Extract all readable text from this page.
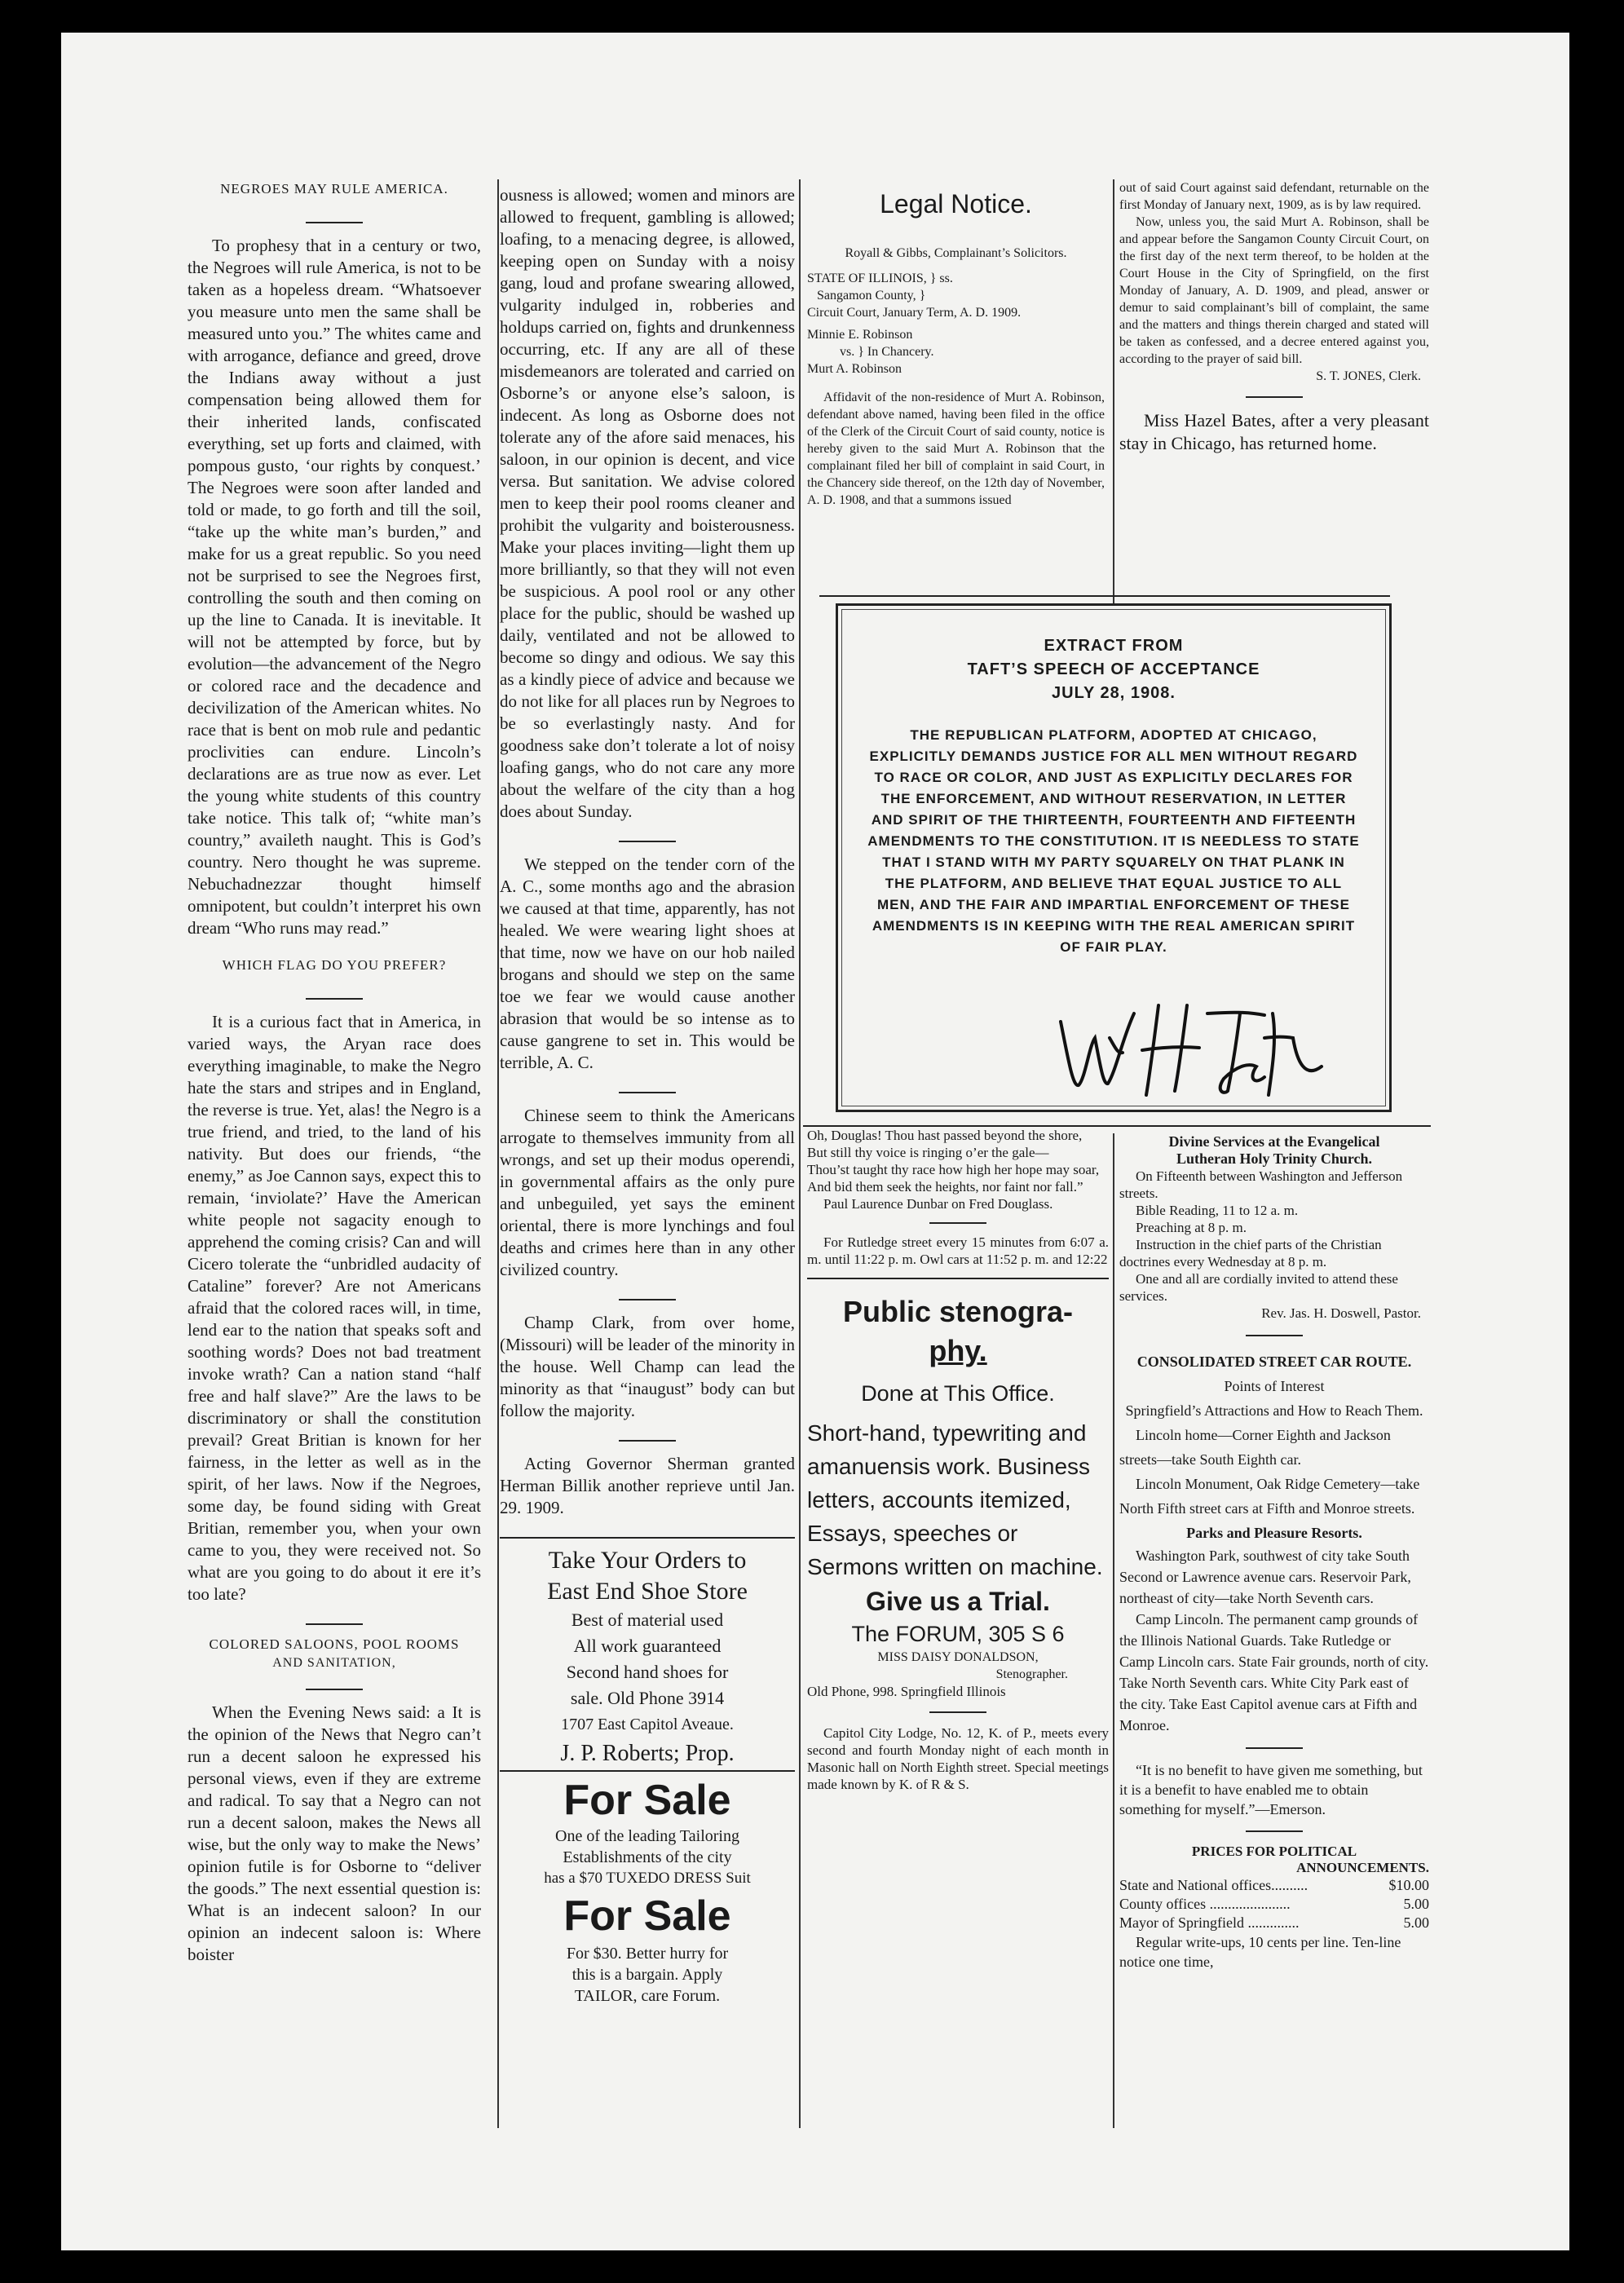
NEGROES MAY RULE AMERICA.
To prophesy that in a century or two, the Negroes will rule America, is not to be taken as a hopeless dream. “Whatsoever you measure unto men the same shall be measured unto you.” The whites came and with arrogance, defiance and greed, drove the Indians away without a just compensation being allowed them for their inherited lands, confiscated everything, set up forts and claimed, with pompous gusto, ‘our rights by conquest.’ The Negroes were soon after landed and told or made, to go forth and till the soil, “take up the white man’s burden,” and make for us a great republic. So you need not be surprised to see the Negroes first, controlling the south and then coming on up the line to Canada. It is inevitable. It will not be attempted by force, but by evolution—the advancement of the Negro or colored race and the decadence and decivilization of the American whites. No race that is bent on mob rule and pedantic proclivities can endure. Lincoln’s declarations are as true now as ever. Let the young white students of this country take notice. This talk of; “white man’s country,” availeth naught. This is God’s country. Nero thought he was supreme. Nebuchadnezzar thought himself omnipotent, but couldn’t interpret his own dream “Who runs may read.”
WHICH FLAG DO YOU PREFER?
It is a curious fact that in America, in varied ways, the Aryan race does everything imaginable, to make the Negro hate the stars and stripes and in England, the reverse is true. Yet, alas! the Negro is a true friend, and tried, to the land of his nativity. But does our friends, “the enemy,” as Joe Cannon says, expect this to remain, ‘inviolate?’ Have the American white people not sagacity enough to apprehend the coming crisis? Can and will Cicero tolerate the “unbridled audacity of Cataline” forever? Are not Americans afraid that the colored races will, in time, lend ear to the nation that speaks soft and soothing words? Does not bad treatment invoke wrath? Can a nation stand “half free and half slave?” Are the laws to be discriminatory or shall the constitution prevail? Great Britian is known for her fairness, in the letter as well as in the spirit, of her laws. Now if the Negroes, some day, be found siding with Great Britian, remember you, when your own came to you, they were received not. So what are you going to do about it ere it’s too late?
COLORED SALOONS, POOL ROOMS
AND SANITATION,
When the Evening News said: a It is the opinion of the News that Negro can’t run a decent saloon he expressed his personal views, even if they are extreme and radical. To say that a Negro can not run a decent saloon, makes the News all wise, but the only way to make the News’ opinion futile is for Osborne to “deliver the goods.” The next essential question is: What is an indecent saloon? In our opinion an indecent saloon is: Where boister
ousness is allowed; women and minors are allowed to frequent, gambling is allowed; loafing, to a menacing degree, is allowed, keeping open on Sunday with a noisy gang, loud and profane swearing allowed, vulgarity indulged in, robberies and holdups carried on, fights and drunkenness occurring, etc. If any are all of these misdemeanors are tolerated and carried on Osborne’s or anyone else’s saloon, is indecent. As long as Osborne does not tolerate any of the afore said menaces, his saloon, in our opinion is decent, and vice versa. But sanitation. We advise colored men to keep their pool rooms cleaner and prohibit the vulgarity and boisterousness. Make your places inviting—light them up more brilliantly, so that they will not even be suspicious. A pool rool or any other place for the public, should be washed up daily, ventilated and not be allowed to become so dingy and odious. We say this as a kindly piece of advice and because we do not like for all places run by Negroes to be so everlastingly nasty. And for goodness sake don’t tolerate a lot of noisy loafing gangs, who do not care any more about the welfare of the city than a hog does about Sunday.
We stepped on the tender corn of the A. C., some months ago and the abrasion we caused at that time, apparently, has not healed. We were wearing light shoes at that time, now we have on our hob nailed brogans and should we step on the same toe we fear we would cause another abrasion that would be so intense as to cause gangrene to set in. This would be terrible, A. C.
Chinese seem to think the Americans arrogate to themselves immunity from all wrongs, and set up their modus operendi, in governmental affairs as the only pure and unbeguiled, yet says the eminent oriental, there is more lynchings and foul deaths and crimes here than in any other civilized country.
Champ Clark, from over home, (Missouri) will be leader of the minority in the house. Well Champ can lead the minority as that “inaugust” body can but follow the majority.
Acting Governor Sherman granted Herman Billik another reprieve until Jan. 29. 1909.
Take Your Orders to
East End Shoe Store
Best of material used
All work guaranteed
Second hand shoes for
sale. Old Phone 3914
1707 East Capitol Aveaue.
J. P. Roberts; Prop.
For Sale
One of the leading Tailoring
Establishments of the city
has a $70 TUXEDO DRESS Suit
For Sale
For $30. Better hurry for
this is a bargain. Apply
TAILOR, care Forum.
Legal Notice.
Royall & Gibbs, Complainant’s Solicitors.
STATE OF ILLINOIS, } ss.
Sangamon County, }
Circuit Court, January Term, A. D. 1909.
Minnie E. Robinson
vs. } In Chancery.
Murt A. Robinson
Affidavit of the non-residence of Murt A. Robinson, defendant above named, having been filed in the office of the Clerk of the Circuit Court of said county, notice is hereby given to the said Murt A. Robinson that the complainant filed her bill of complaint in said Court, in the Chancery side thereof, on the 12th day of November, A. D. 1908, and that a summons issued
out of said Court against said defendant, returnable on the first Monday of January next, 1909, as is by law required.
Now, unless you, the said Murt A. Robinson, shall be and appear before the Sangamon County Circuit Court, on the first day of the next term thereof, to be holden at the Court House in the City of Springfield, on the first Monday of January, A. D. 1909, and plead, answer or demur to said complainant’s bill of complaint, the same and the matters and things therein charged and stated will be taken as confessed, and a decree entered against you, according to the prayer of said bill.
S. T. JONES, Clerk.
Miss Hazel Bates, after a very pleasant stay in Chicago, has returned home.
EXTRACT FROM
TAFT’S SPEECH OF ACCEPTANCE
JULY 28, 1908.
THE REPUBLICAN PLATFORM, ADOPTED AT CHICAGO, EXPLICITLY DEMANDS JUSTICE FOR ALL MEN WITHOUT REGARD TO RACE OR COLOR, AND JUST AS EXPLICITLY DECLARES FOR THE ENFORCEMENT, AND WITHOUT RESERVATION, IN LETTER AND SPIRIT OF THE THIRTEENTH, FOURTEENTH AND FIFTEENTH AMENDMENTS TO THE CONSTITUTION. IT IS NEEDLESS TO STATE THAT I STAND WITH MY PARTY SQUARELY ON THAT PLANK IN THE PLATFORM, AND BELIEVE THAT EQUAL JUSTICE TO ALL MEN, AND THE FAIR AND IMPARTIAL ENFORCEMENT OF THESE AMENDMENTS IS IN KEEPING WITH THE REAL AMERICAN SPIRIT OF FAIR PLAY.
Oh, Douglas! Thou hast passed beyond the shore,
But still thy voice is ringing o’er the gale—
Thou’st taught thy race how high her hope may soar,
And bid them seek the heights, nor faint nor fall.”
Paul Laurence Dunbar on Fred Douglass.
For Rutledge street every 15 minutes from 6:07 a. m. until 11:22 p. m. Owl cars at 11:52 p. m. and 12:22
Public stenogra-
phy.
Done at This Office.
Short-hand, typewriting and amanuensis work. Business letters, accounts itemized, Essays, speeches or Sermons written on machine.
Give us a Trial.
The FORUM, 305 S 6
MISS DAISY DONALDSON,
Stenographer.
Old Phone, 998. Springfield Illinois
Capitol City Lodge, No. 12, K. of P., meets every second and fourth Monday night of each month in Masonic hall on North Eighth street. Special meetings made known by K. of R & S.
Divine Services at the Evangelical
Lutheran Holy Trinity Church.
On Fifteenth between Washington and Jefferson streets.
Bible Reading, 11 to 12 a. m.
Preaching at 8 p. m.
Instruction in the chief parts of the Christian doctrines every Wednesday at 8 p. m.
One and all are cordially invited to attend these services.
Rev. Jas. H. Doswell, Pastor.
CONSOLIDATED STREET CAR ROUTE.
Points of Interest
Springfield’s Attractions and How to Reach Them.
Lincoln home—Corner Eighth and Jackson streets—take South Eighth car.
Lincoln Monument, Oak Ridge Cemetery—take North Fifth street cars at Fifth and Monroe streets.
Parks and Pleasure Resorts.
Washington Park, southwest of city take South Second or Lawrence avenue cars. Reservoir Park, northeast of city—take North Seventh cars.
Camp Lincoln. The permanent camp grounds of the Illinois National Guards. Take Rutledge or Camp Lincoln cars. State Fair grounds, north of city. Take North Seventh cars. White City Park east of the city. Take East Capitol avenue cars at Fifth and Monroe.
“It is no benefit to have given me something, but it is a benefit to have enabled me to obtain something for myself.”—Emerson.
PRICES FOR POLITICAL
ANNOUNCEMENTS.
State and National offices..........	$10.00
County offices ......................	5.00
Mayor of Springfield ..............	5.00
Regular write-ups, 10 cents per line. Ten-line notice one time,
